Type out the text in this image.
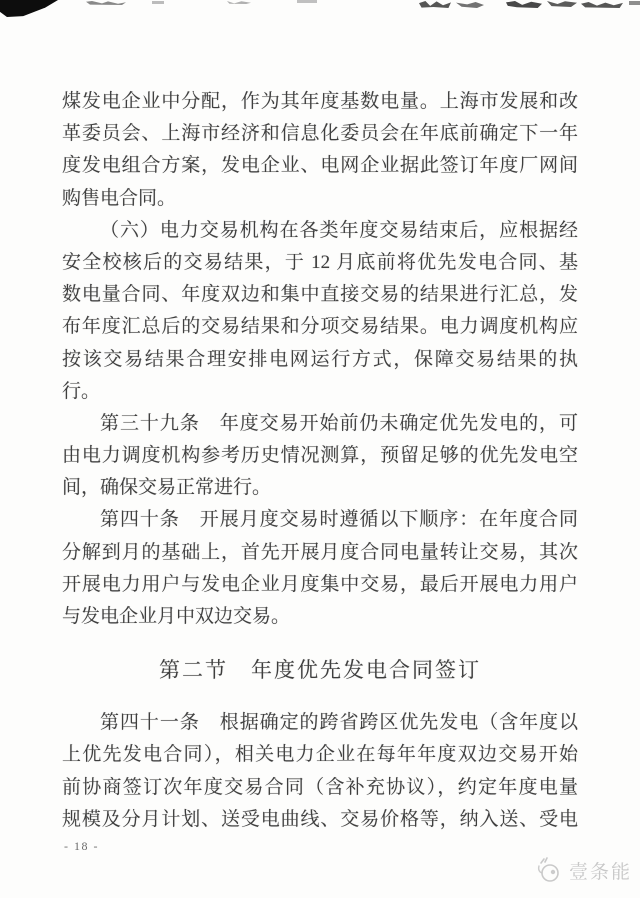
煤发电企业中分配，作为其年度基数电量。上海市发展和改
革委员会、上海市经济和信息化委员会在年底前确定下一年
度发电组合方案，发电企业、电网企业据此签订年度厂网间
购售电合同。
（六）电力交易机构在各类年度交易结束后，应根据经
安全校核后的交易结果，于 12 月底前将优先发电合同、基
数电量合同、年度双边和集中直接交易的结果进行汇总，发
布年度汇总后的交易结果和分项交易结果。电力调度机构应
按该交易结果合理安排电网运行方式，保障交易结果的执
行。
第三十九条　年度交易开始前仍未确定优先发电的，可
由电力调度机构参考历史情况测算，预留足够的优先发电空
间，确保交易正常进行。
第四十条　开展月度交易时遵循以下顺序：在年度合同
分解到月的基础上，首先开展月度合同电量转让交易，其次
开展电力用户与发电企业月度集中交易，最后开展电力用户
与发电企业月中双边交易。
第二节　年度优先发电合同签订
第四十一条　根据确定的跨省跨区优先发电（含年度以
上优先发电合同），相关电力企业在每年年度双边交易开始
前协商签订次年度交易合同（含补充协议），约定年度电量
规模及分月计划、送受电曲线、交易价格等，纳入送、受电
- 18 -
壹条能
